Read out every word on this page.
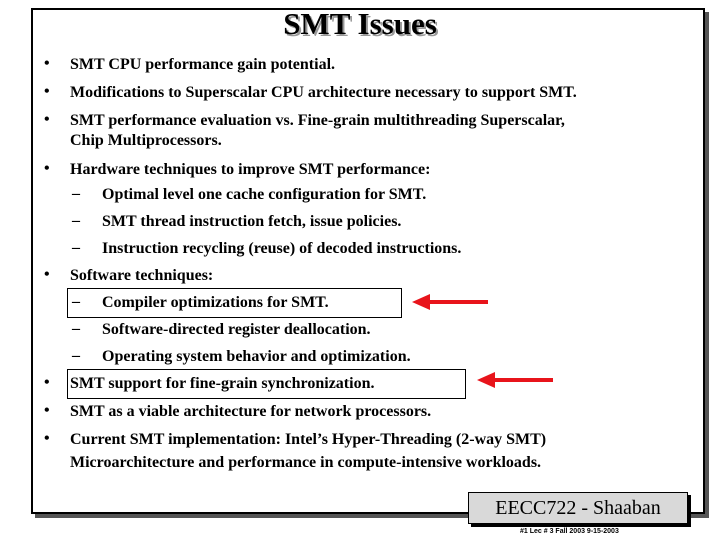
SMT Issues
• SMT CPU performance gain potential.
• Modifications to Superscalar CPU architecture necessary to support SMT.
• SMT performance evaluation vs. Fine-grain multithreading Superscalar,
Chip Multiprocessors.
• Hardware techniques to improve SMT performance:
– Optimal level one cache configuration for SMT.
– SMT thread instruction fetch, issue policies.
– Instruction recycling (reuse) of decoded instructions.
• Software techniques:
– Compiler optimizations for SMT.
– Software-directed register deallocation.
– Operating system behavior and optimization.
• SMT support for fine-grain synchronization.
• SMT as a viable architecture for network processors.
• Current SMT implementation: Intel’s Hyper-Threading (2-way SMT)
Microarchitecture and performance in compute-intensive workloads.
EECC722 - Shaaban
#1 Lec # 3 Fall 2003 9-15-2003
